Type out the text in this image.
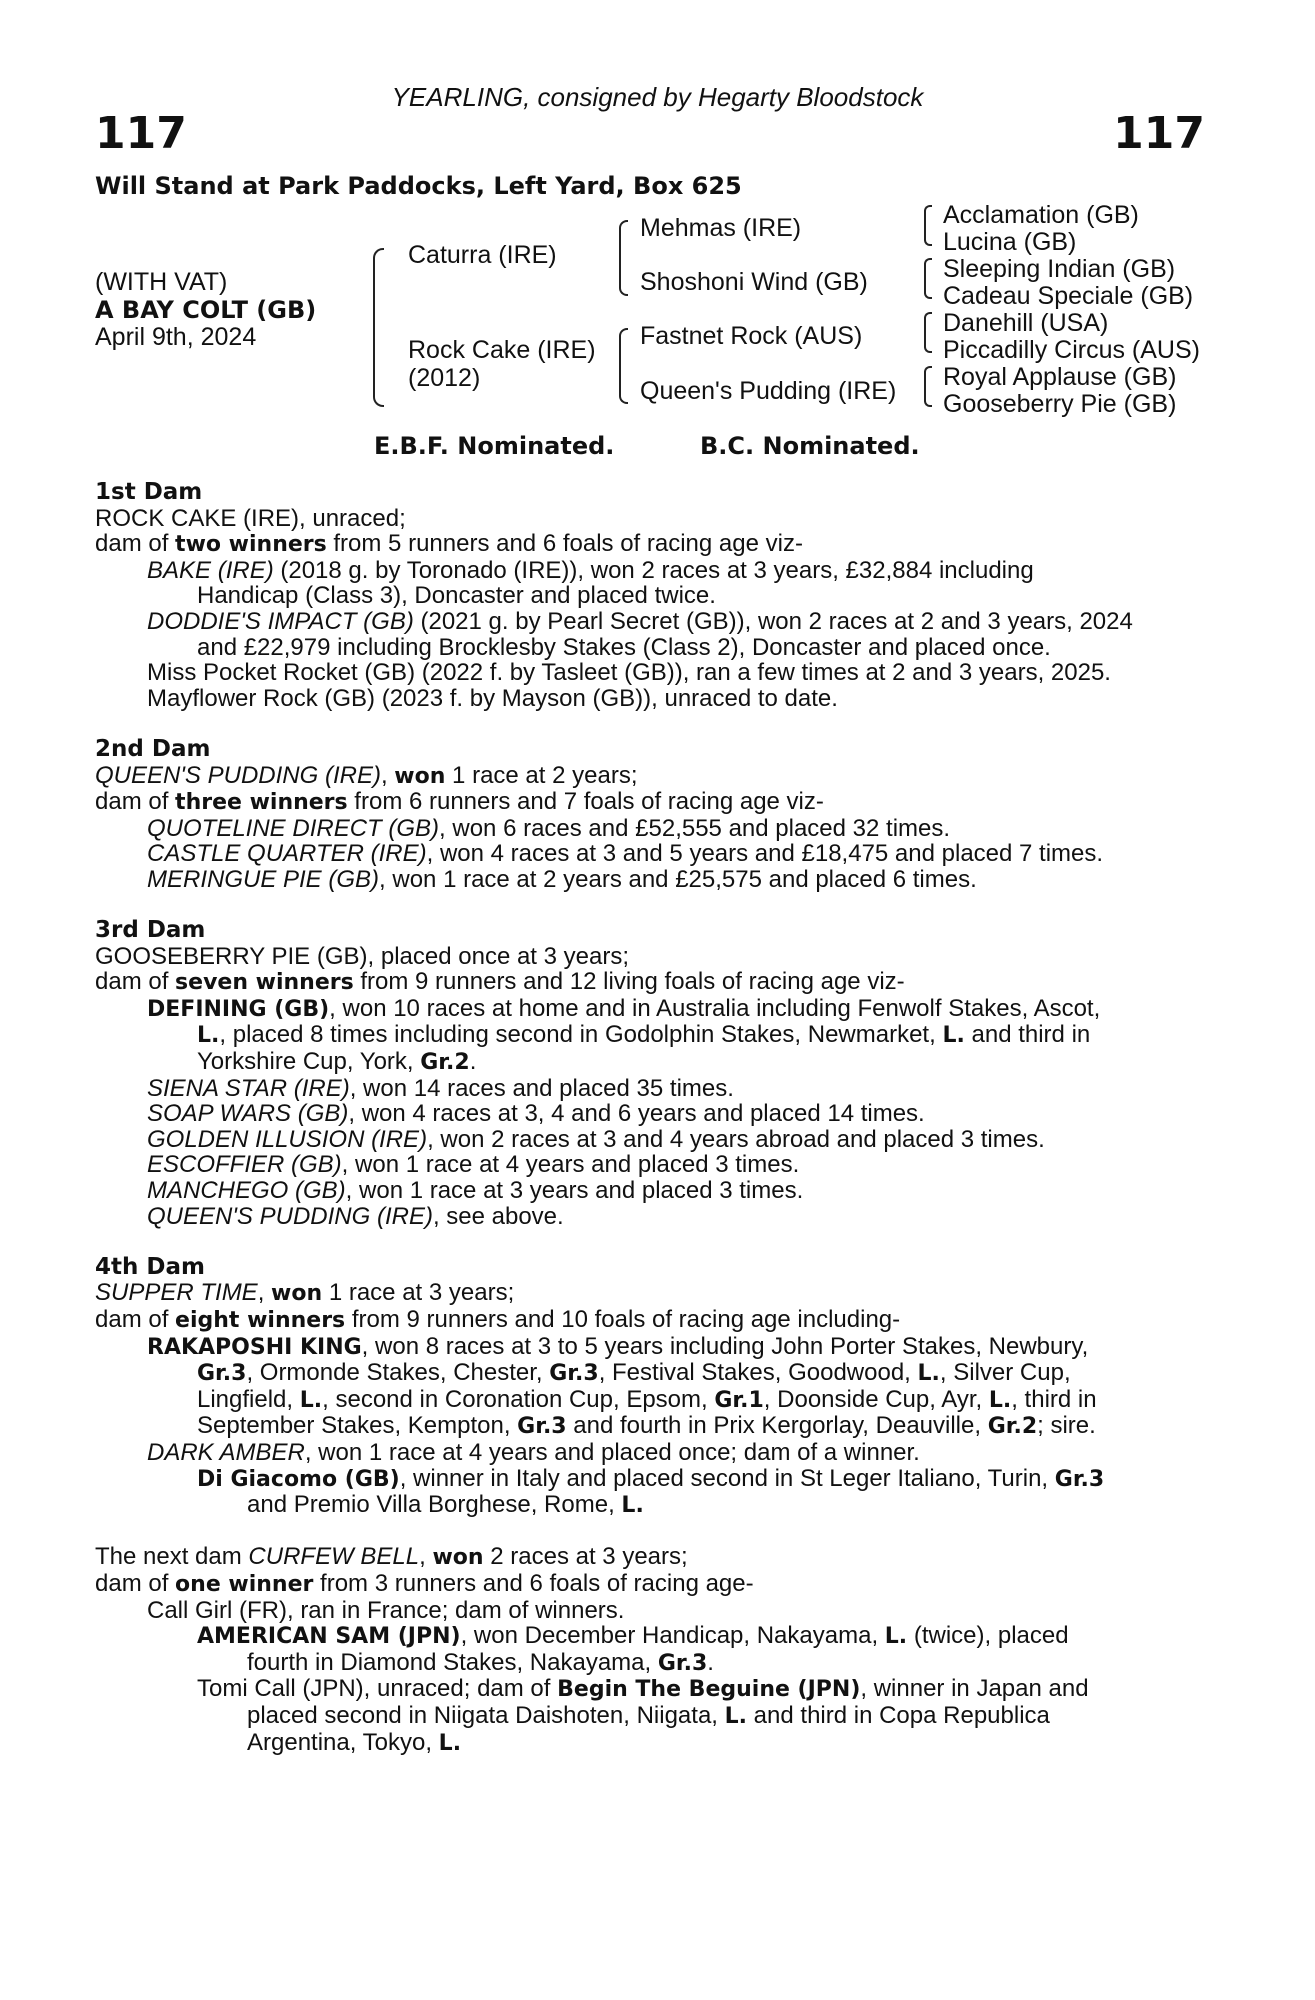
YEARLING, consigned by Hegarty Bloodstock
117	117
Will Stand at Park Paddocks, Left Yard, Box 625
(WITH VAT)
A BAY COLT (GB)
April 9th, 2024
Caturra (IRE)
Rock Cake (IRE)
(2012)
Mehmas (IRE)
Shoshoni Wind (GB)
Fastnet Rock (AUS)
Queen's Pudding (IRE)
Acclamation (GB)
Lucina (GB)
Sleeping Indian (GB)
Cadeau Speciale (GB)
Danehill (USA)
Piccadilly Circus (AUS)
Royal Applause (GB)
Gooseberry Pie (GB)
E.B.F. Nominated.	B.C. Nominated.
1st Dam
ROCK CAKE (IRE), unraced;
dam of two winners from 5 runners and 6 foals of racing age viz-
BAKE (IRE) (2018 g. by Toronado (IRE)), won 2 races at 3 years, £32,884 including
Handicap (Class 3), Doncaster and placed twice.
DODDIE'S IMPACT (GB) (2021 g. by Pearl Secret (GB)), won 2 races at 2 and 3 years, 2024
and £22,979 including Brocklesby Stakes (Class 2), Doncaster and placed once.
Miss Pocket Rocket (GB) (2022 f. by Tasleet (GB)), ran a few times at 2 and 3 years, 2025.
Mayflower Rock (GB) (2023 f. by Mayson (GB)), unraced to date.
2nd Dam
QUEEN'S PUDDING (IRE), won 1 race at 2 years;
dam of three winners from 6 runners and 7 foals of racing age viz-
QUOTELINE DIRECT (GB), won 6 races and £52,555 and placed 32 times.
CASTLE QUARTER (IRE), won 4 races at 3 and 5 years and £18,475 and placed 7 times.
MERINGUE PIE (GB), won 1 race at 2 years and £25,575 and placed 6 times.
3rd Dam
GOOSEBERRY PIE (GB), placed once at 3 years;
dam of seven winners from 9 runners and 12 living foals of racing age viz-
DEFINING (GB), won 10 races at home and in Australia including Fenwolf Stakes, Ascot,
L., placed 8 times including second in Godolphin Stakes, Newmarket, L. and third in
Yorkshire Cup, York, Gr.2.
SIENA STAR (IRE), won 14 races and placed 35 times.
SOAP WARS (GB), won 4 races at 3, 4 and 6 years and placed 14 times.
GOLDEN ILLUSION (IRE), won 2 races at 3 and 4 years abroad and placed 3 times.
ESCOFFIER (GB), won 1 race at 4 years and placed 3 times.
MANCHEGO (GB), won 1 race at 3 years and placed 3 times.
QUEEN'S PUDDING (IRE), see above.
4th Dam
SUPPER TIME, won 1 race at 3 years;
dam of eight winners from 9 runners and 10 foals of racing age including-
RAKAPOSHI KING, won 8 races at 3 to 5 years including John Porter Stakes, Newbury,
Gr.3, Ormonde Stakes, Chester, Gr.3, Festival Stakes, Goodwood, L., Silver Cup,
Lingfield, L., second in Coronation Cup, Epsom, Gr.1, Doonside Cup, Ayr, L., third in
September Stakes, Kempton, Gr.3 and fourth in Prix Kergorlay, Deauville, Gr.2; sire.
DARK AMBER, won 1 race at 4 years and placed once; dam of a winner.
Di Giacomo (GB), winner in Italy and placed second in St Leger Italiano, Turin, Gr.3
and Premio Villa Borghese, Rome, L.
The next dam CURFEW BELL, won 2 races at 3 years;
dam of one winner from 3 runners and 6 foals of racing age-
Call Girl (FR), ran in France; dam of winners.
AMERICAN SAM (JPN), won December Handicap, Nakayama, L. (twice), placed
fourth in Diamond Stakes, Nakayama, Gr.3.
Tomi Call (JPN), unraced; dam of Begin The Beguine (JPN), winner in Japan and
placed second in Niigata Daishoten, Niigata, L. and third in Copa Republica
Argentina, Tokyo, L.
